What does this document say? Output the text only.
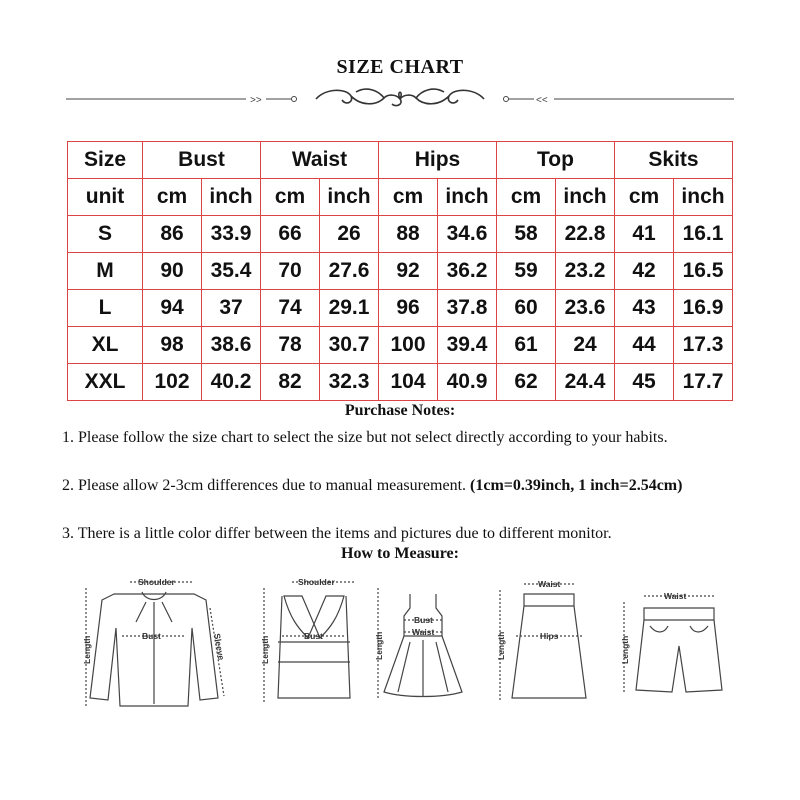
SIZE CHART
>>	<<
Size	Bust		Waist		Hips		Top		Skits	
unit	cm	inch	cm	inch	cm	inch	cm	inch	cm	inch
S	86	33.9	66	26	88	34.6	58	22.8	41	16.1
M	90	35.4	70	27.6	92	36.2	59	23.2	42	16.5
L	94	37	74	29.1	96	37.8	60	23.6	43	16.9
XL	98	38.6	78	30.7	100	39.4	61	24	44	17.3
XXL	102	40.2	82	32.3	104	40.9	62	24.4	45	17.7
Purchase Notes:
1. Please follow the size chart to select the size but not select directly according to your habits.
2. Please allow 2-3cm differences due to manual measurement. (1cm=0.39inch, 1 inch=2.54cm)
3. There is a little color differ between the items and pictures due to different monitor.
How to Measure:
Shoulder
Bust	Sleeve
Length
Shoulder
Bust
Length
Bust
Waist
Length
Waist
Hips
Length
Waist
Length
